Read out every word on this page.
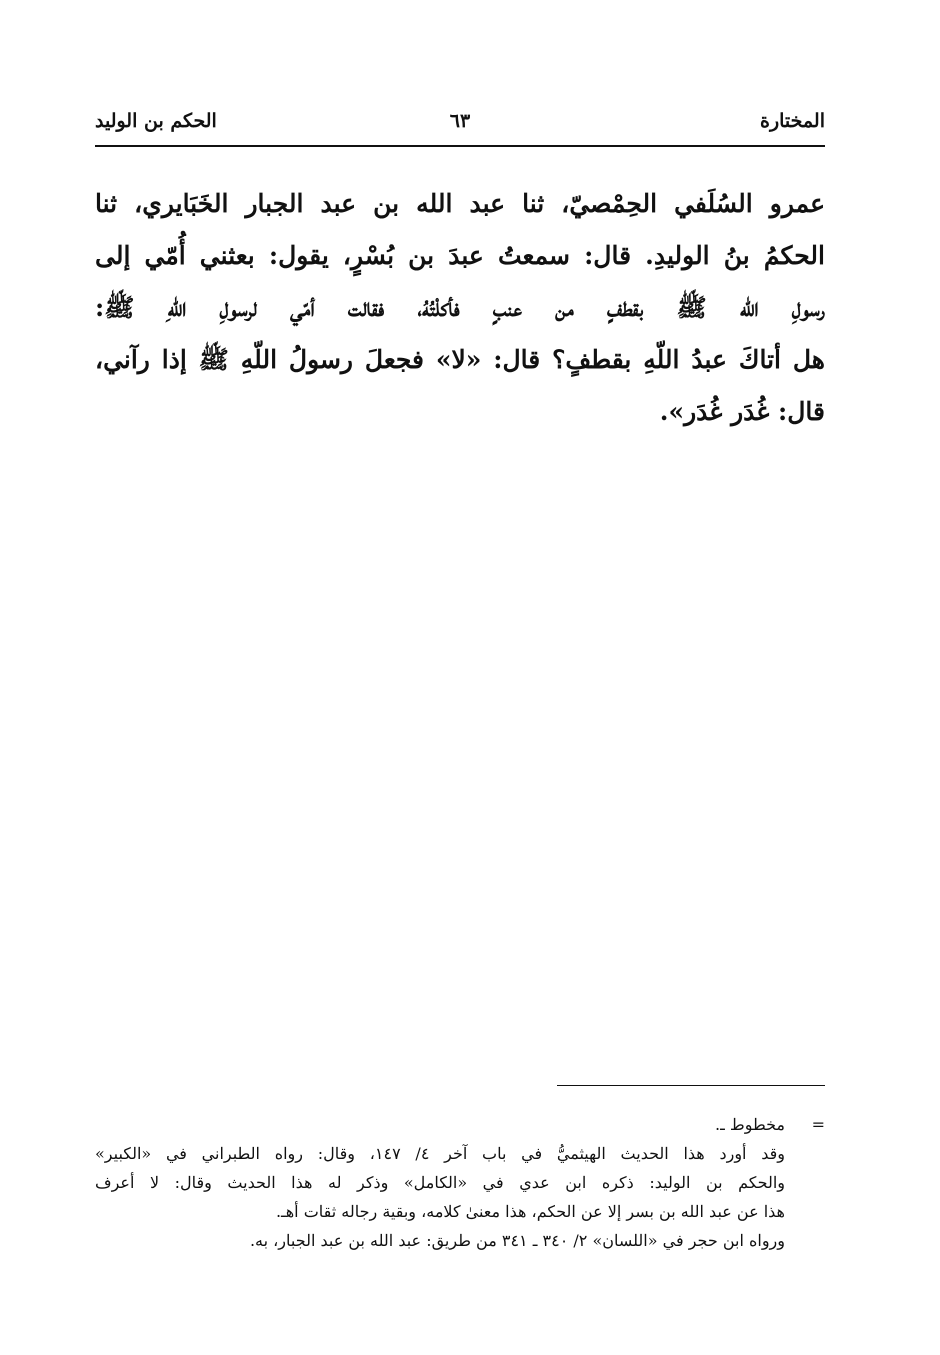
المختارة
٦٣
الحكم بن الوليد
عمرو السُلَفي الحِمْصيّ، ثنا عبد الله بن عبد الجبار الخَبَايري، ثنا
الحكمُ بنُ الوليدِ. قال: سمعتُ عبدَ بن بُسْرٍ، يقول: بعثني أُمّي إلى
رسولِ اللّه ﷺ بقطفٍ من عنبٍ فأكلْتُهُ، فقالت أمّي لرسولِ اللّهِ ﷺ:
هل أتاكَ عبدُ اللّهِ بقطفٍ؟ قال: «لا» فجعلَ رسولُ اللّهِ ﷺ إذا رآني،
قال: غُدَر غُدَر».
=
مخطوط ـ.
وقد أورد هذا الحديث الهيثميُّ في باب آخر ٤/ ١٤٧، وقال: رواه الطبراني في «الكبير»
والحكم بن الوليد: ذكره ابن عدي في «الكامل» وذكر له هذا الحديث وقال: لا أعرف
هذا عن عبد الله بن بسر إلا عن الحكم، هذا معنىٰ كلامه، وبقية رجاله ثقات أهـ.
ورواه ابن حجر في «اللسان» ٢/ ٣٤٠ ـ ٣٤١ من طريق: عبد الله بن عبد الجبار، به.
